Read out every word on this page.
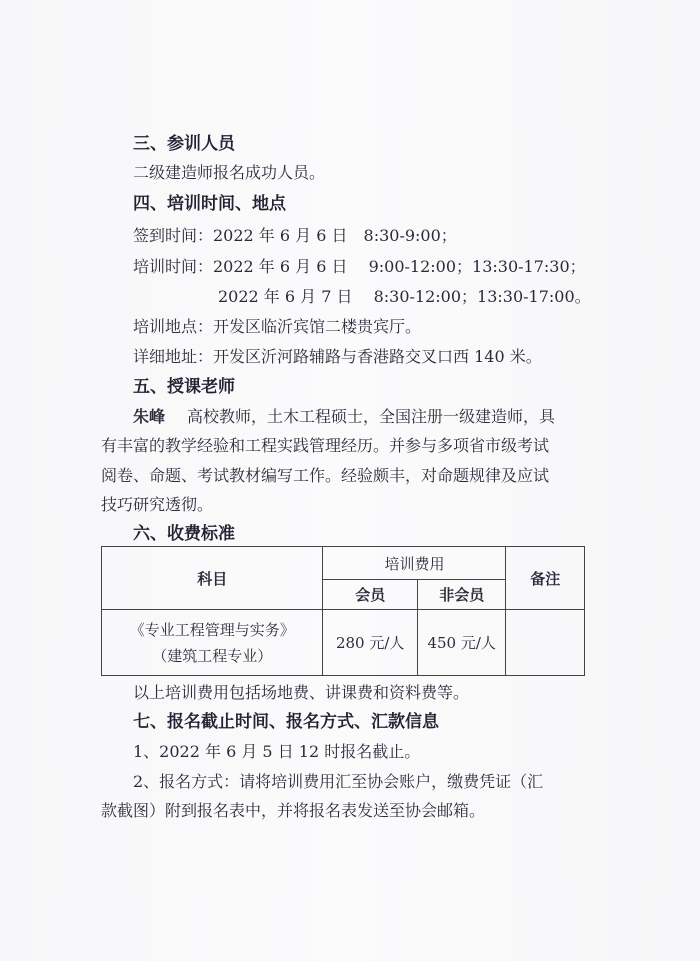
三、参训人员
二级建造师报名成功人员。
四、培训时间、地点
签到时间：2022 年 6 月 6 日　8:30-9:00；
培训时间：2022 年 6 月 6 日　 9:00-12:00；13:30-17:30；
2022 年 6 月 7 日　 8:30-12:00；13:30-17:00。
培训地点：开发区临沂宾馆二楼贵宾厅。
详细地址：开发区沂河路辅路与香港路交叉口西 140 米。
五、授课老师
朱峰 高校教师，土木工程硕士，全国注册一级建造师，具
有丰富的教学经验和工程实践管理经历。并参与多项省市级考试
阅卷、命题、考试教材编写工作。经验颇丰，对命题规律及应试
技巧研究透彻。
六、收费标准
科目	培训费用		备注
	会员	非会员	

《专业工程管理与实务》
（建筑工程专业）	280 元/人	450 元/人	
以上培训费用包括场地费、讲课费和资料费等。
七、报名截止时间、报名方式、汇款信息
1、2022 年 6 月 5 日 12 时报名截止。
2、报名方式：请将培训费用汇至协会账户，缴费凭证（汇
款截图）附到报名表中，并将报名表发送至协会邮箱。
